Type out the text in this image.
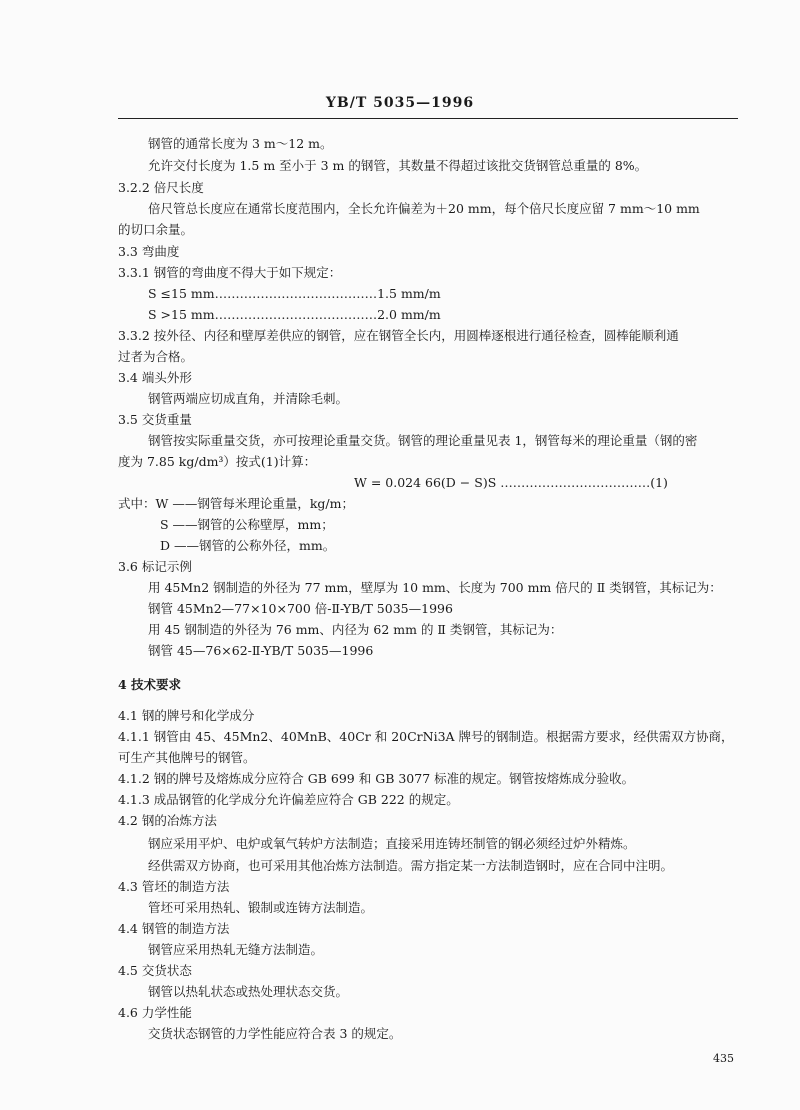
YB/T 5035—1996
钢管的通常长度为 3 m～12 m。
允许交付长度为 1.5 m 至小于 3 m 的钢管，其数量不得超过该批交货钢管总重量的 8%。
3.2.2 倍尺长度
倍尺管总长度应在通常长度范围内，全长允许偏差为＋20 mm，每个倍尺长度应留 7 mm～10 mm
的切口余量。
3.3 弯曲度
3.3.1 钢管的弯曲度不得大于如下规定：
S ≤15 mm…………………………………1.5 mm/m
S >15 mm…………………………………2.0 mm/m
3.3.2 按外径、内径和壁厚差供应的钢管，应在钢管全长内，用圆棒逐根进行通径检查，圆棒能顺利通
过者为合格。
3.4 端头外形
钢管两端应切成直角，并清除毛刺。
3.5 交货重量
钢管按实际重量交货，亦可按理论重量交货。钢管的理论重量见表 1，钢管每米的理论重量（钢的密
度为 7.85 kg/dm³）按式(1)计算：
W = 0.024 66(D − S)S ………………………………(1)
式中：W ——钢管每米理论重量，kg/m；
S ——钢管的公称壁厚，mm；
D ——钢管的公称外径，mm。
3.6 标记示例
用 45Mn2 钢制造的外径为 77 mm，壁厚为 10 mm、长度为 700 mm 倍尺的 Ⅱ 类钢管，其标记为：
钢管 45Mn2—77×10×700 倍-Ⅱ-YB/T 5035—1996
用 45 钢制造的外径为 76 mm、内径为 62 mm 的 Ⅱ 类钢管，其标记为：
钢管 45—76×62-Ⅱ-YB/T 5035—1996
4 技术要求
4.1 钢的牌号和化学成分
4.1.1 钢管由 45、45Mn2、40MnB、40Cr 和 20CrNi3A 牌号的钢制造。根据需方要求，经供需双方协商，
可生产其他牌号的钢管。
4.1.2 钢的牌号及熔炼成分应符合 GB 699 和 GB 3077 标准的规定。钢管按熔炼成分验收。
4.1.3 成品钢管的化学成分允许偏差应符合 GB 222 的规定。
4.2 钢的冶炼方法
钢应采用平炉、电炉或氧气转炉方法制造；直接采用连铸坯制管的钢必须经过炉外精炼。
经供需双方协商，也可采用其他冶炼方法制造。需方指定某一方法制造钢时，应在合同中注明。
4.3 管坯的制造方法
管坯可采用热轧、锻制或连铸方法制造。
4.4 钢管的制造方法
钢管应采用热轧无缝方法制造。
4.5 交货状态
钢管以热轧状态或热处理状态交货。
4.6 力学性能
交货状态钢管的力学性能应符合表 3 的规定。
435
